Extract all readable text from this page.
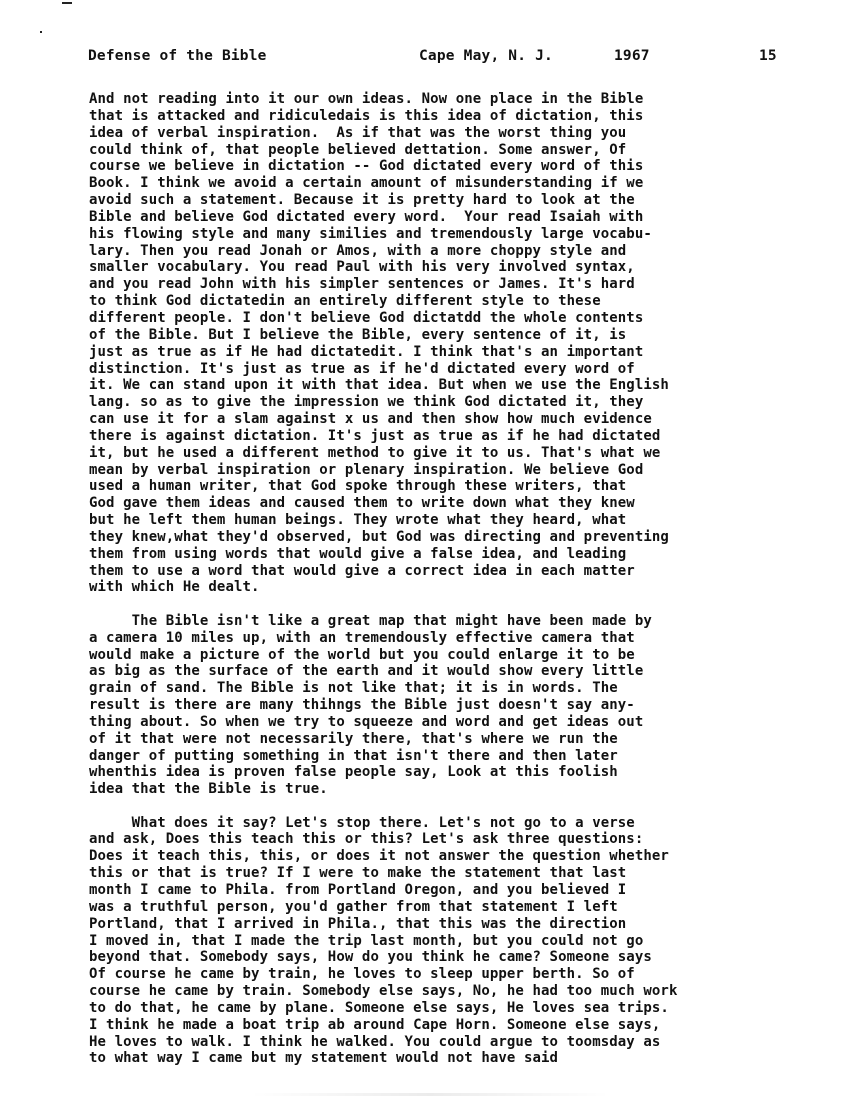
Defense of the Bible	Cape May, N. J.	1967	15
And not reading into it our own ideas. Now one place in the Bible
that is attacked and ridiculedais is this idea of dictation, this
idea of verbal inspiration.  As if that was the worst thing you
could think of, that people believed dettation. Some answer, Of
course we believe in dictation -- God dictated every word of this
Book. I think we avoid a certain amount of misunderstanding if we
avoid such a statement. Because it is pretty hard to look at the
Bible and believe God dictated every word.  Your read Isaiah with
his flowing style and many similies and tremendously large vocabu-
lary. Then you read Jonah or Amos, with a more choppy style and
smaller vocabulary. You read Paul with his very involved syntax,
and you read John with his simpler sentences or James. It's hard
to think God dictatedin an entirely different style to these
different people. I don't believe God dictatdd the whole contents
of the Bible. But I believe the Bible, every sentence of it, is
just as true as if He had dictatedit. I think that's an important
distinction. It's just as true as if he'd dictated every word of
it. We can stand upon it with that idea. But when we use the English
lang. so as to give the impression we think God dictated it, they
can use it for a slam against x us and then show how much evidence
there is against dictation. It's just as true as if he had dictated
it, but he used a different method to give it to us. That's what we
mean by verbal inspiration or plenary inspiration. We believe God
used a human writer, that God spoke through these writers, that
God gave them ideas and caused them to write down what they knew
but he left them human beings. They wrote what they heard, what
they knew,what they'd observed, but God was directing and preventing
them from using words that would give a false idea, and leading
them to use a word that would give a correct idea in each matter
with which He dealt.
The Bible isn't like a great map that might have been made by
a camera 10 miles up, with an tremendously effective camera that
would make a picture of the world but you could enlarge it to be
as big as the surface of the earth and it would show every little
grain of sand. The Bible is not like that; it is in words. The
result is there are many thihngs the Bible just doesn't say any-
thing about. So when we try to squeeze and word and get ideas out
of it that were not necessarily there, that's where we run the
danger of putting something in that isn't there and then later
whenthis idea is proven false people say, Look at this foolish
idea that the Bible is true.
What does it say? Let's stop there. Let's not go to a verse
and ask, Does this teach this or this? Let's ask three questions:
Does it teach this, this, or does it not answer the question whether
this or that is true? If I were to make the statement that last
month I came to Phila. from Portland Oregon, and you believed I
was a truthful person, you'd gather from that statement I left
Portland, that I arrived in Phila., that this was the direction
I moved in, that I made the trip last month, but you could not go
beyond that. Somebody says, How do you think he came? Someone says
Of course he came by train, he loves to sleep upper berth. So of
course he came by train. Somebody else says, No, he had too much work
to do that, he came by plane. Someone else says, He loves sea trips.
I think he made a boat trip ab around Cape Horn. Someone else says,
He loves to walk. I think he walked. You could argue to toomsday as
to what way I came but my statement would not have said
